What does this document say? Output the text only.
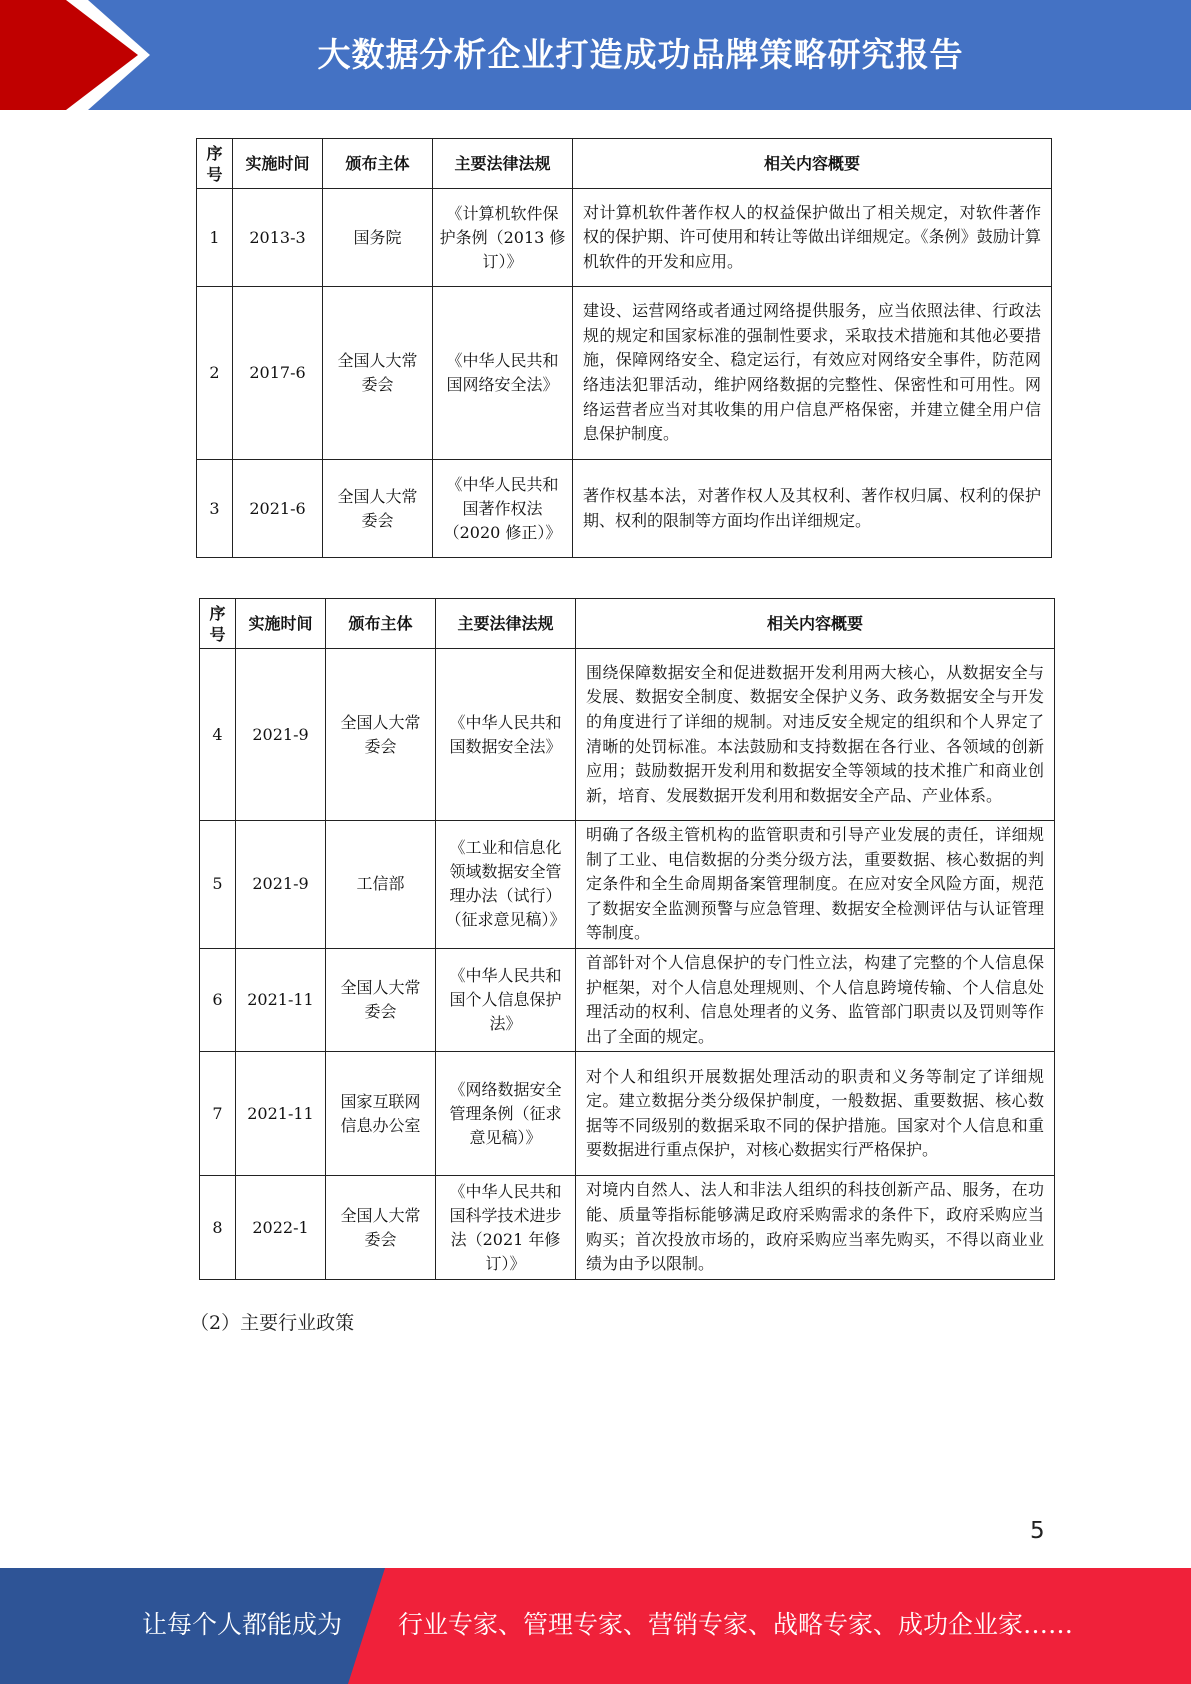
大数据分析企业打造成功品牌策略研究报告
序号	实施时间	颁布主体	主要法律法规	相关内容概要
1	2013-3	国务院	《计算机软件保护条例（2013 修订）》	对计算机软件著作权人的权益保护做出了相关规定，对软件著作权的保护期、许可使用和转让等做出详细规定。《条例》鼓励计算机软件的开发和应用。
2	2017-6	全国人大常委会	《中华人民共和国网络安全法》	建设、运营网络或者通过网络提供服务，应当依照法律、行政法规的规定和国家标准的强制性要求，采取技术措施和其他必要措施，保障网络安全、稳定运行，有效应对网络安全事件，防范网络违法犯罪活动，维护网络数据的完整性、保密性和可用性。网络运营者应当对其收集的用户信息严格保密，并建立健全用户信息保护制度。
3	2021-6	全国人大常委会	《中华人民共和国著作权法（2020 修正）》	著作权基本法，对著作权人及其权利、著作权归属、权利的保护期、权利的限制等方面均作出详细规定。
序号	实施时间	颁布主体	主要法律法规	相关内容概要
4	2021-9	全国人大常委会	《中华人民共和国数据安全法》	围绕保障数据安全和促进数据开发利用两大核心，从数据安全与发展、数据安全制度、数据安全保护义务、政务数据安全与开发的角度进行了详细的规制。对违反安全规定的组织和个人界定了清晰的处罚标准。本法鼓励和支持数据在各行业、各领域的创新应用；鼓励数据开发利用和数据安全等领域的技术推广和商业创新，培育、发展数据开发利用和数据安全产品、产业体系。
5	2021-9	工信部	《工业和信息化领域数据安全管理办法（试行）（征求意见稿）》	明确了各级主管机构的监管职责和引导产业发展的责任，详细规制了工业、电信数据的分类分级方法，重要数据、核心数据的判定条件和全生命周期备案管理制度。在应对安全风险方面，规范了数据安全监测预警与应急管理、数据安全检测评估与认证管理等制度。
6	2021-11	全国人大常委会	《中华人民共和国个人信息保护法》	首部针对个人信息保护的专门性立法，构建了完整的个人信息保护框架，对个人信息处理规则、个人信息跨境传输、个人信息处理活动的权利、信息处理者的义务、监管部门职责以及罚则等作出了全面的规定。
7	2021-11	国家互联网信息办公室	《网络数据安全管理条例（征求意见稿）》	对个人和组织开展数据处理活动的职责和义务等制定了详细规定。建立数据分类分级保护制度，一般数据、重要数据、核心数据等不同级别的数据采取不同的保护措施。国家对个人信息和重要数据进行重点保护，对核心数据实行严格保护。
8	2022-1	全国人大常委会	《中华人民共和国科学技术进步法（2021 年修订）》	对境内自然人、法人和非法人组织的科技创新产品、服务，在功能、质量等指标能够满足政府采购需求的条件下，政府采购应当购买；首次投放市场的，政府采购应当率先购买，不得以商业业绩为由予以限制。
（2）主要行业政策
5
让每个人都能成为 行业专家、管理专家、营销专家、战略专家、成功企业家……
